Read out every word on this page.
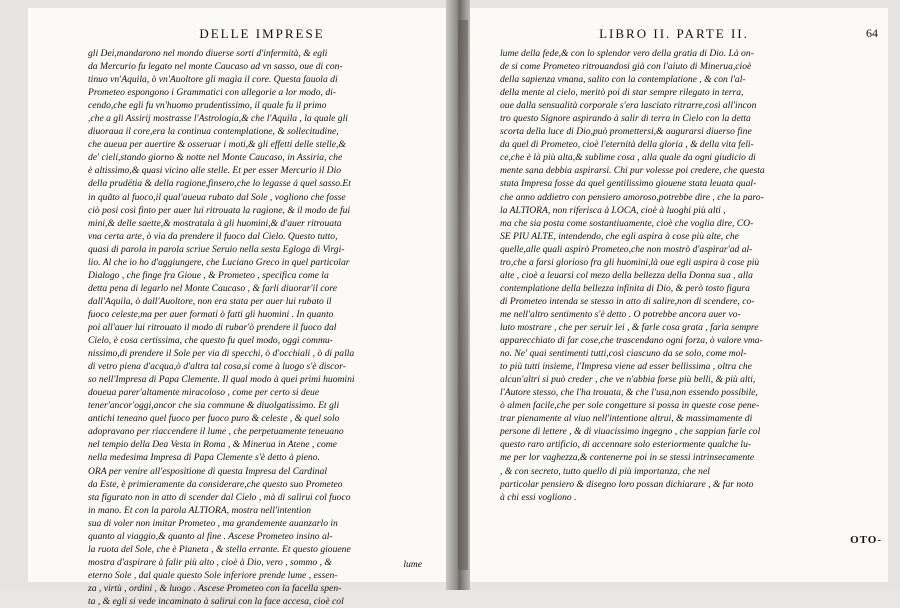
DELLE IMPRESE
gli Dei,mandarono nel mondo diuerse sorti d'infermità, & egli
da Mercurio fu legato nel monte Caucaso ad vn sasso, oue di con-
tinuo vn'Aquila, ò vn'Auoltore gli magia il core. Questa fauola di
Prometeo espongono i Grammatici con allegorie a lor modo, di-
cendo,che egli fu vn'huomo prudentissimo, il quale fu il primo
,che a gli Assirij mostrasse l'Astrologia,& che l'Aquila , la quale gli
diuoraua il core,era la continua contemplatione, & sollecitudine,
che aueua per auertire & osseruar i moti,& gli effetti delle stelle,&
de' cieli,stando giorno & notte nel Monte Caucaso, in Assiria, che
è altissimo,& quasi vicino alle stelle. Et per esser Mercurio il Dio
della prudëtia & della ragione,finsero,che lo legasse á quel sasso.Et
in quãto al fuoco,il qual'aueua rubato dal Sole , vogliono che fosse
ciò posi così finto per auer lui ritrouata la ragione, & il modo de fui
mini,& delle saette,& mostratala à gli huomini,& d'auer ritrouata
vna certa arte, ò via da prendere il fuoco dal Cielo. Questo tutto,
quasi di parola in parola scriue Seruio nella sesta Egloga di Virgi-
lio. Al che io ho d'aggiungere, che Luciano Greco in quel particolar
Dialogo , che finge fra Gioue , & Prometeo , specifica come la
detta pena di legarlo nel Monte Caucaso , & farli diuorar'il core
dall'Aquila, ò dall'Auoltore, non era stata per auer lui rubato il
fuoco celeste,ma per auer formati ò fatti gli huomini . In quanto
poi all'auer lui ritrouato il modo di rubar'ò prendere il fuoco dal
Cielo, è cosa certissima, che questo fu quel modo, oggi commu-
nissimo,di prendere il Sole per via di specchi, ò d'occhiali , ò di palla
di vetro piena d'acqua,ò d'altra tal cosa,si come à luogo s'è discor-
so nell'Impresa di Papa Clemente. Il qual modo à quei primi huomini
doueua parer'altamente miracoloso , come per certo si deue
tener'ancor'oggi,ancor che sia commune & diuolgatissimo. Et gli
antichi teneano quel fuoco per fuoco puro & celeste , & quel solo
adopravano per riaccendere il lume , che perpetuamente teneuano
nel tempio della Dea Vesta in Roma , & Minerua in Atene , come
nella medesima Impresa di Papa Clemente s'è detto à pieno.
ORA per venire all'espositione di questa Impresa del Cardinal
da Este, è primieramente da considerare,che questo suo Prometeo
sta figurato non in atto di scender dal Cielo , mà di salirui col fuoco
in mano. Et con la parola ALTIORA, mostra nell'intention
sua di voler non imitar Prometeo , ma grandemente auanzarlo in
quanto al viaggio,& quanto al fine . Ascese Prometeo insino al-
la ruota del Sole, che è Pianeta , & stella errante. Et questo giouene
mostra d'aspirare à falir più alto , cioè à Dio, vero , sommo , &
eterno Sole , dal quale questo Sole inferiore prende lume , essen-
za , virtù , ordini , & luogo . Ascese Prometeo con la facella spen-
ta , & egli si vede incaminato à salirui con la face accesa, cioè col
lume
LIBRO II. PARTE II.	64
lume della fede,& con lo splendor vero della gratia di Dio. Là on-
de si come Prometeo ritrouandosi già con l'aiuto di Minerua,cioè
della sapienza vmana, salito con la contemplatione , & con l'al-
della mente al cielo, meritò poi di star sempre rilegato in terra,
oue dalla sensualità corporale s'era lasciato ritrarre,così all'incon
tro questo Signore aspirando à salir di terra in Cielo con la detta
scorta della luce di Dio,può promettersi,& augurarsi diuerso fine
da quel di Prometeo, cioè l'eternità della gloria , & della vita feli-
ce,che è là più alta,& sublime cosa , alla quale da ogni giudicio di
mente sana debbia aspirarsi. Chi pur volesse poi credere, che questa
stata Impresa fosse da quel gentilissimo giouene stata leuata qual-
che anno addietro con pensiero amoroso,potrebbe dire , che la paro-
la ALTIORA, non riferisca à LOCA, cioè à luoghi più alti ,
ma che sia posta come sostantiuamente, cioè che voglia dire, CO-
SE PIU ALTE, intendendo, che egli aspira à cose più alte, che
quelle,alle quali aspirò Prometeo,che non mostrò d'aspirar'ad al-
tro,che a farsi glorioso fra gli huomini,là oue egli aspira à cose più
alte , cioè a leuarsi col mezo della bellezza della Donna sua , alla
contemplatione della bellezza infinita di Dio, & però tosto figura
di Prometeo intenda se stesso in atto di salire,non di scendere, co-
me nell'altro sentimento s'è detto . O potrebbe ancora auer vo-
luto mostrare , che per seruir lei , & farle cosa grata , faria sempre
apparecchiato di far cose,che trascendano ogni forza, ò valore vma-
no. Ne' quai sentimenti tutti,così ciascuno da se solo, come mol-
to più tutti insieme, l'Impresa viene ad esser bellissima , oltra che
alcun'altri si può creder , che ve n'abbia forse più belli, & più alti,
l'Autore stesso, che l'ha trouata, & che l'usa,non essendo possibile,
ò almen facile,che per sole congetture si possa in queste cose pene-
trar pienamente al viuo nell'intentione altrui, & massimamente di
persone di lettere , & di viuacissimo ingegno , che sappian farle col
questo raro artificio, di accennare solo esteriormente qualche lu-
me per lor vaghezza,& contenerne poi in se stessi intrinsecamente
, & con secreto, tutto quello di più importanza, che nel
particolar pensiero & disegno loro possan dichiarare , & far noto
à chi essi vogliono .
OTO-
